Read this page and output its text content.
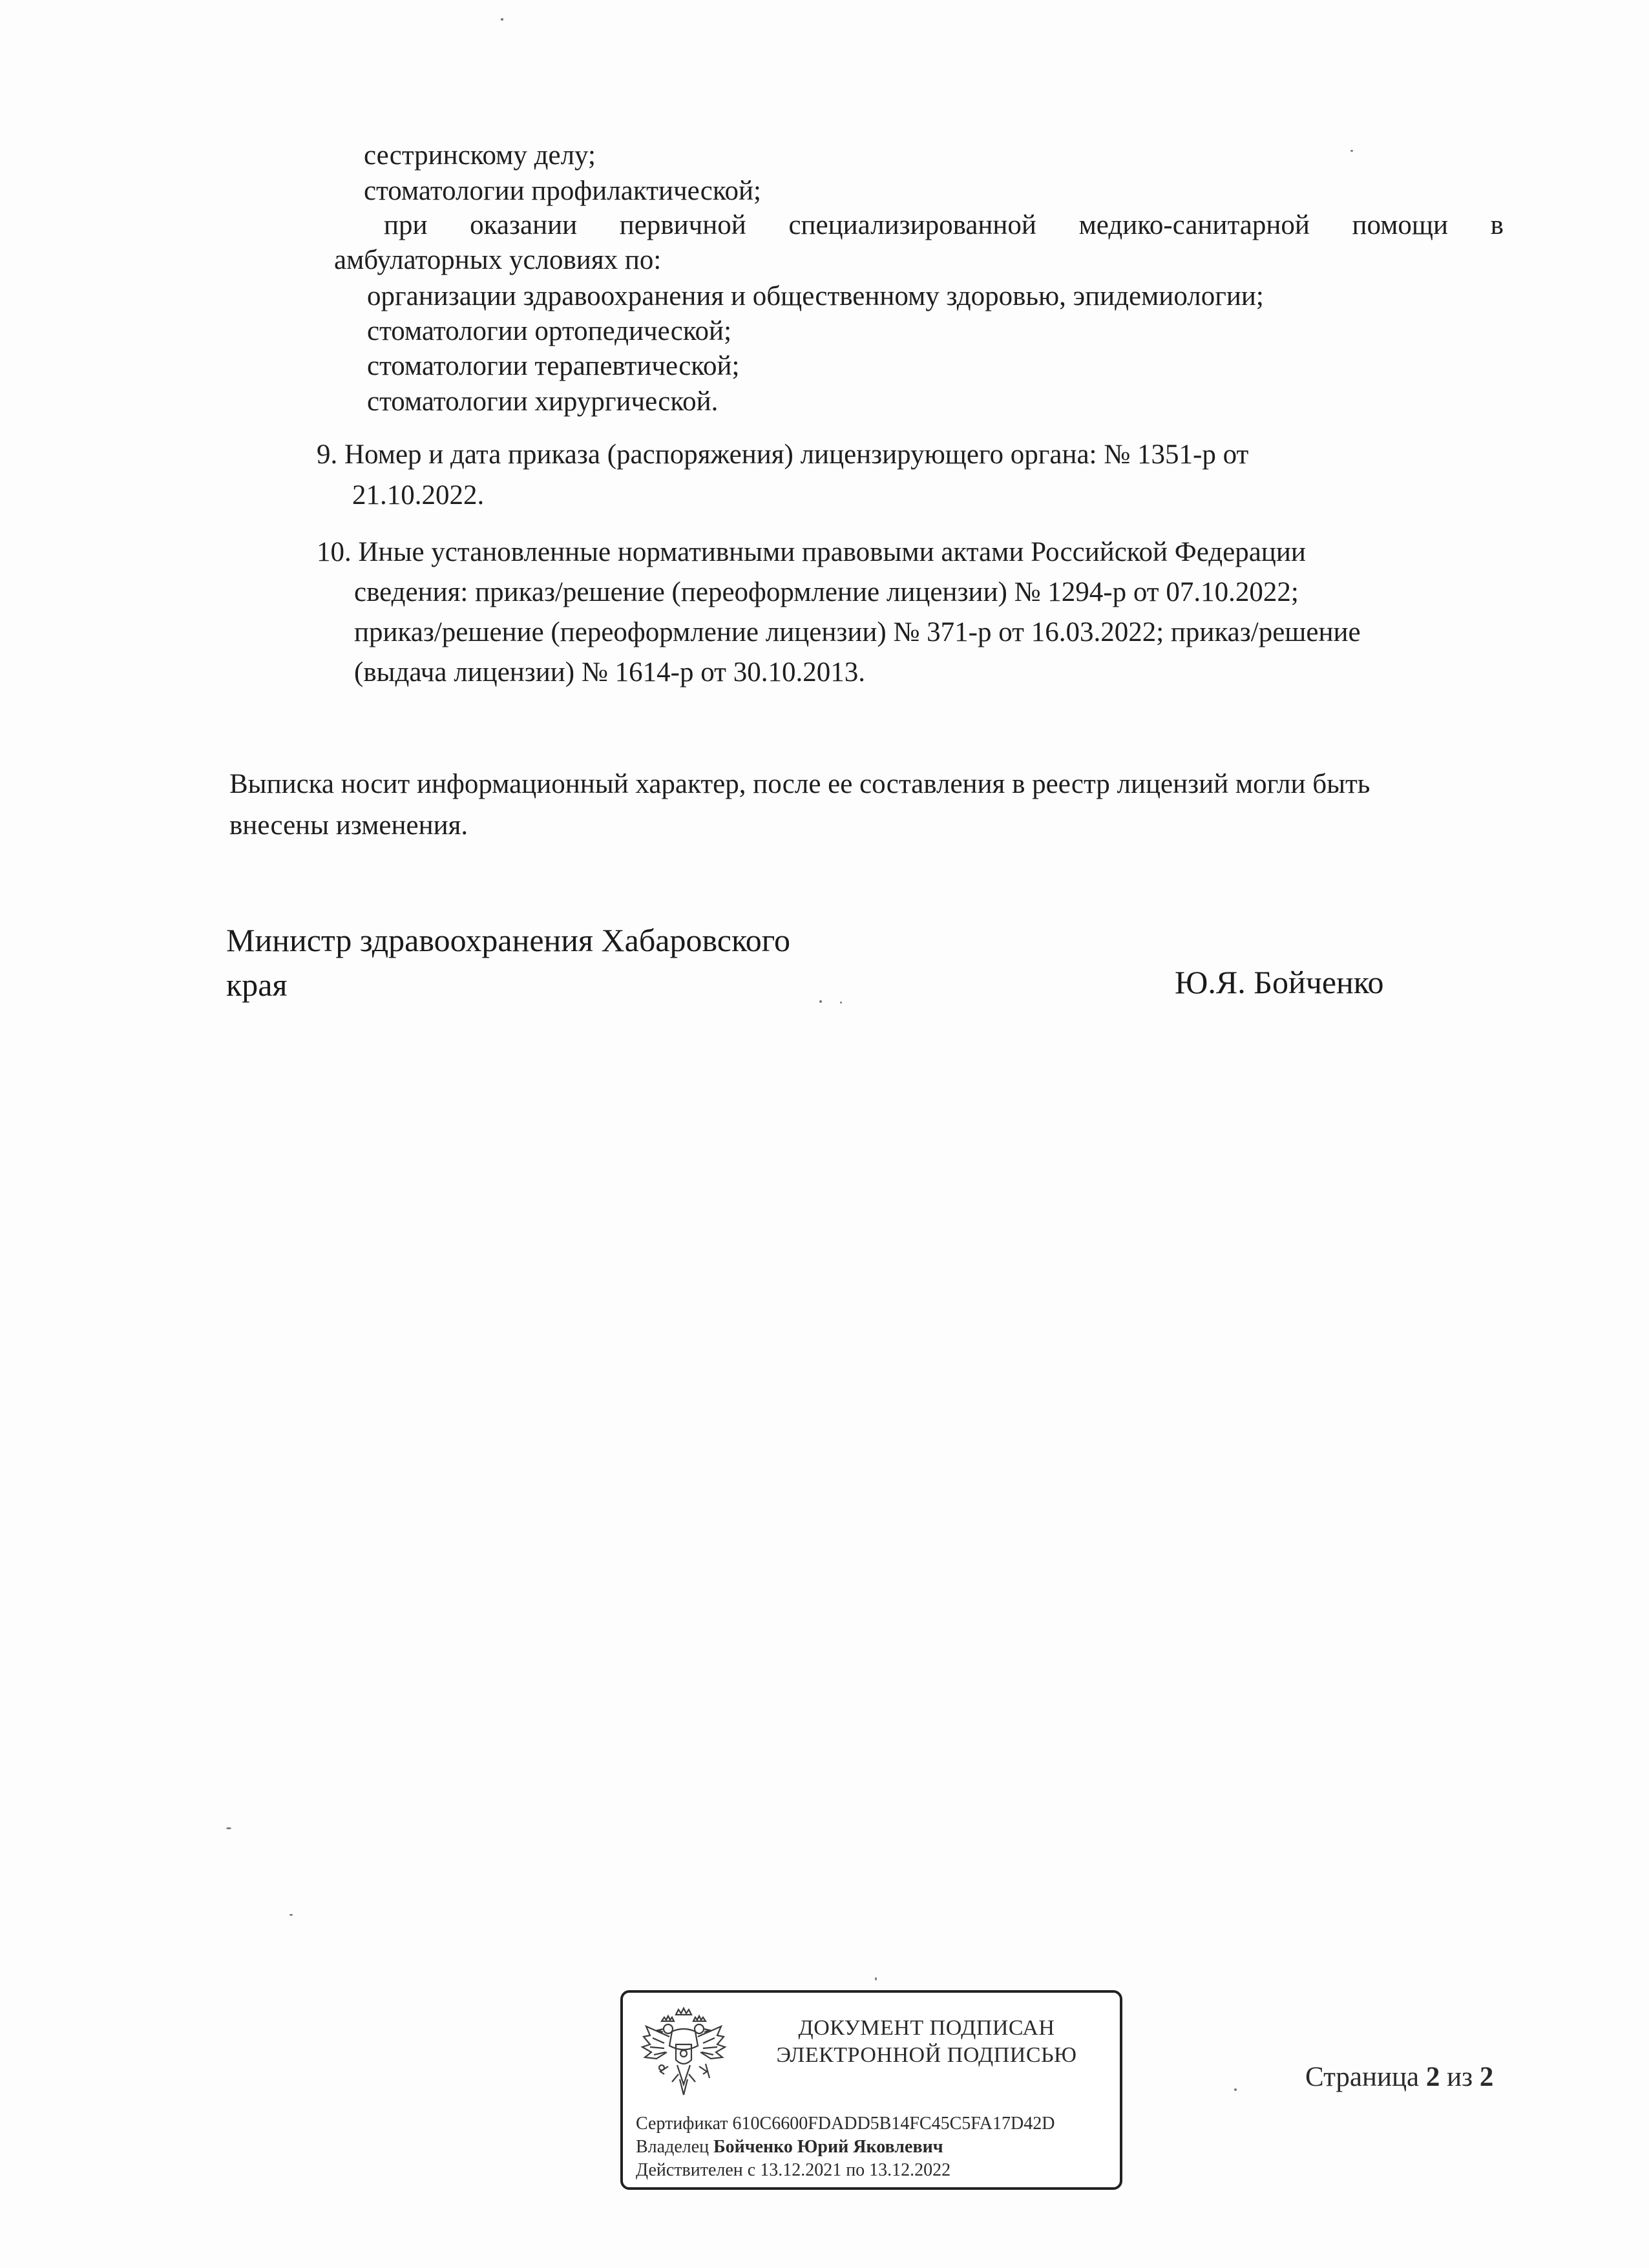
сестринскому делу;
стоматологии профилактической;
при оказании первичной специализированной медико-санитарной помощи в
амбулаторных условиях по:
организации здравоохранения и общественному здоровью, эпидемиологии;
стоматологии ортопедической;
стоматологии терапевтической;
стоматологии хирургической.
9. Номер и дата приказа (распоряжения) лицензирующего органа: № 1351-р от
21.10.2022.
10. Иные установленные нормативными правовыми актами Российской Федерации
сведения: приказ/решение (переоформление лицензии) № 1294-р от 07.10.2022;
приказ/решение (переоформление лицензии) № 371-р от 16.03.2022; приказ/решение
(выдача лицензии) № 1614-р от 30.10.2013.
Выписка носит информационный характер, после ее составления в реестр лицензий могли быть
внесены изменения.
Министр здравоохранения Хабаровского
края	Ю.Я. Бойченко
ДОКУМЕНТ ПОДПИСАН
ЭЛЕКТРОННОЙ ПОДПИСЬЮ
Сертификат 610C6600FDADD5B14FC45C5FA17D42D
Владелец Бойченко Юрий Яковлевич
Действителен с 13.12.2021 по 13.12.2022
Страница 2 из 2
